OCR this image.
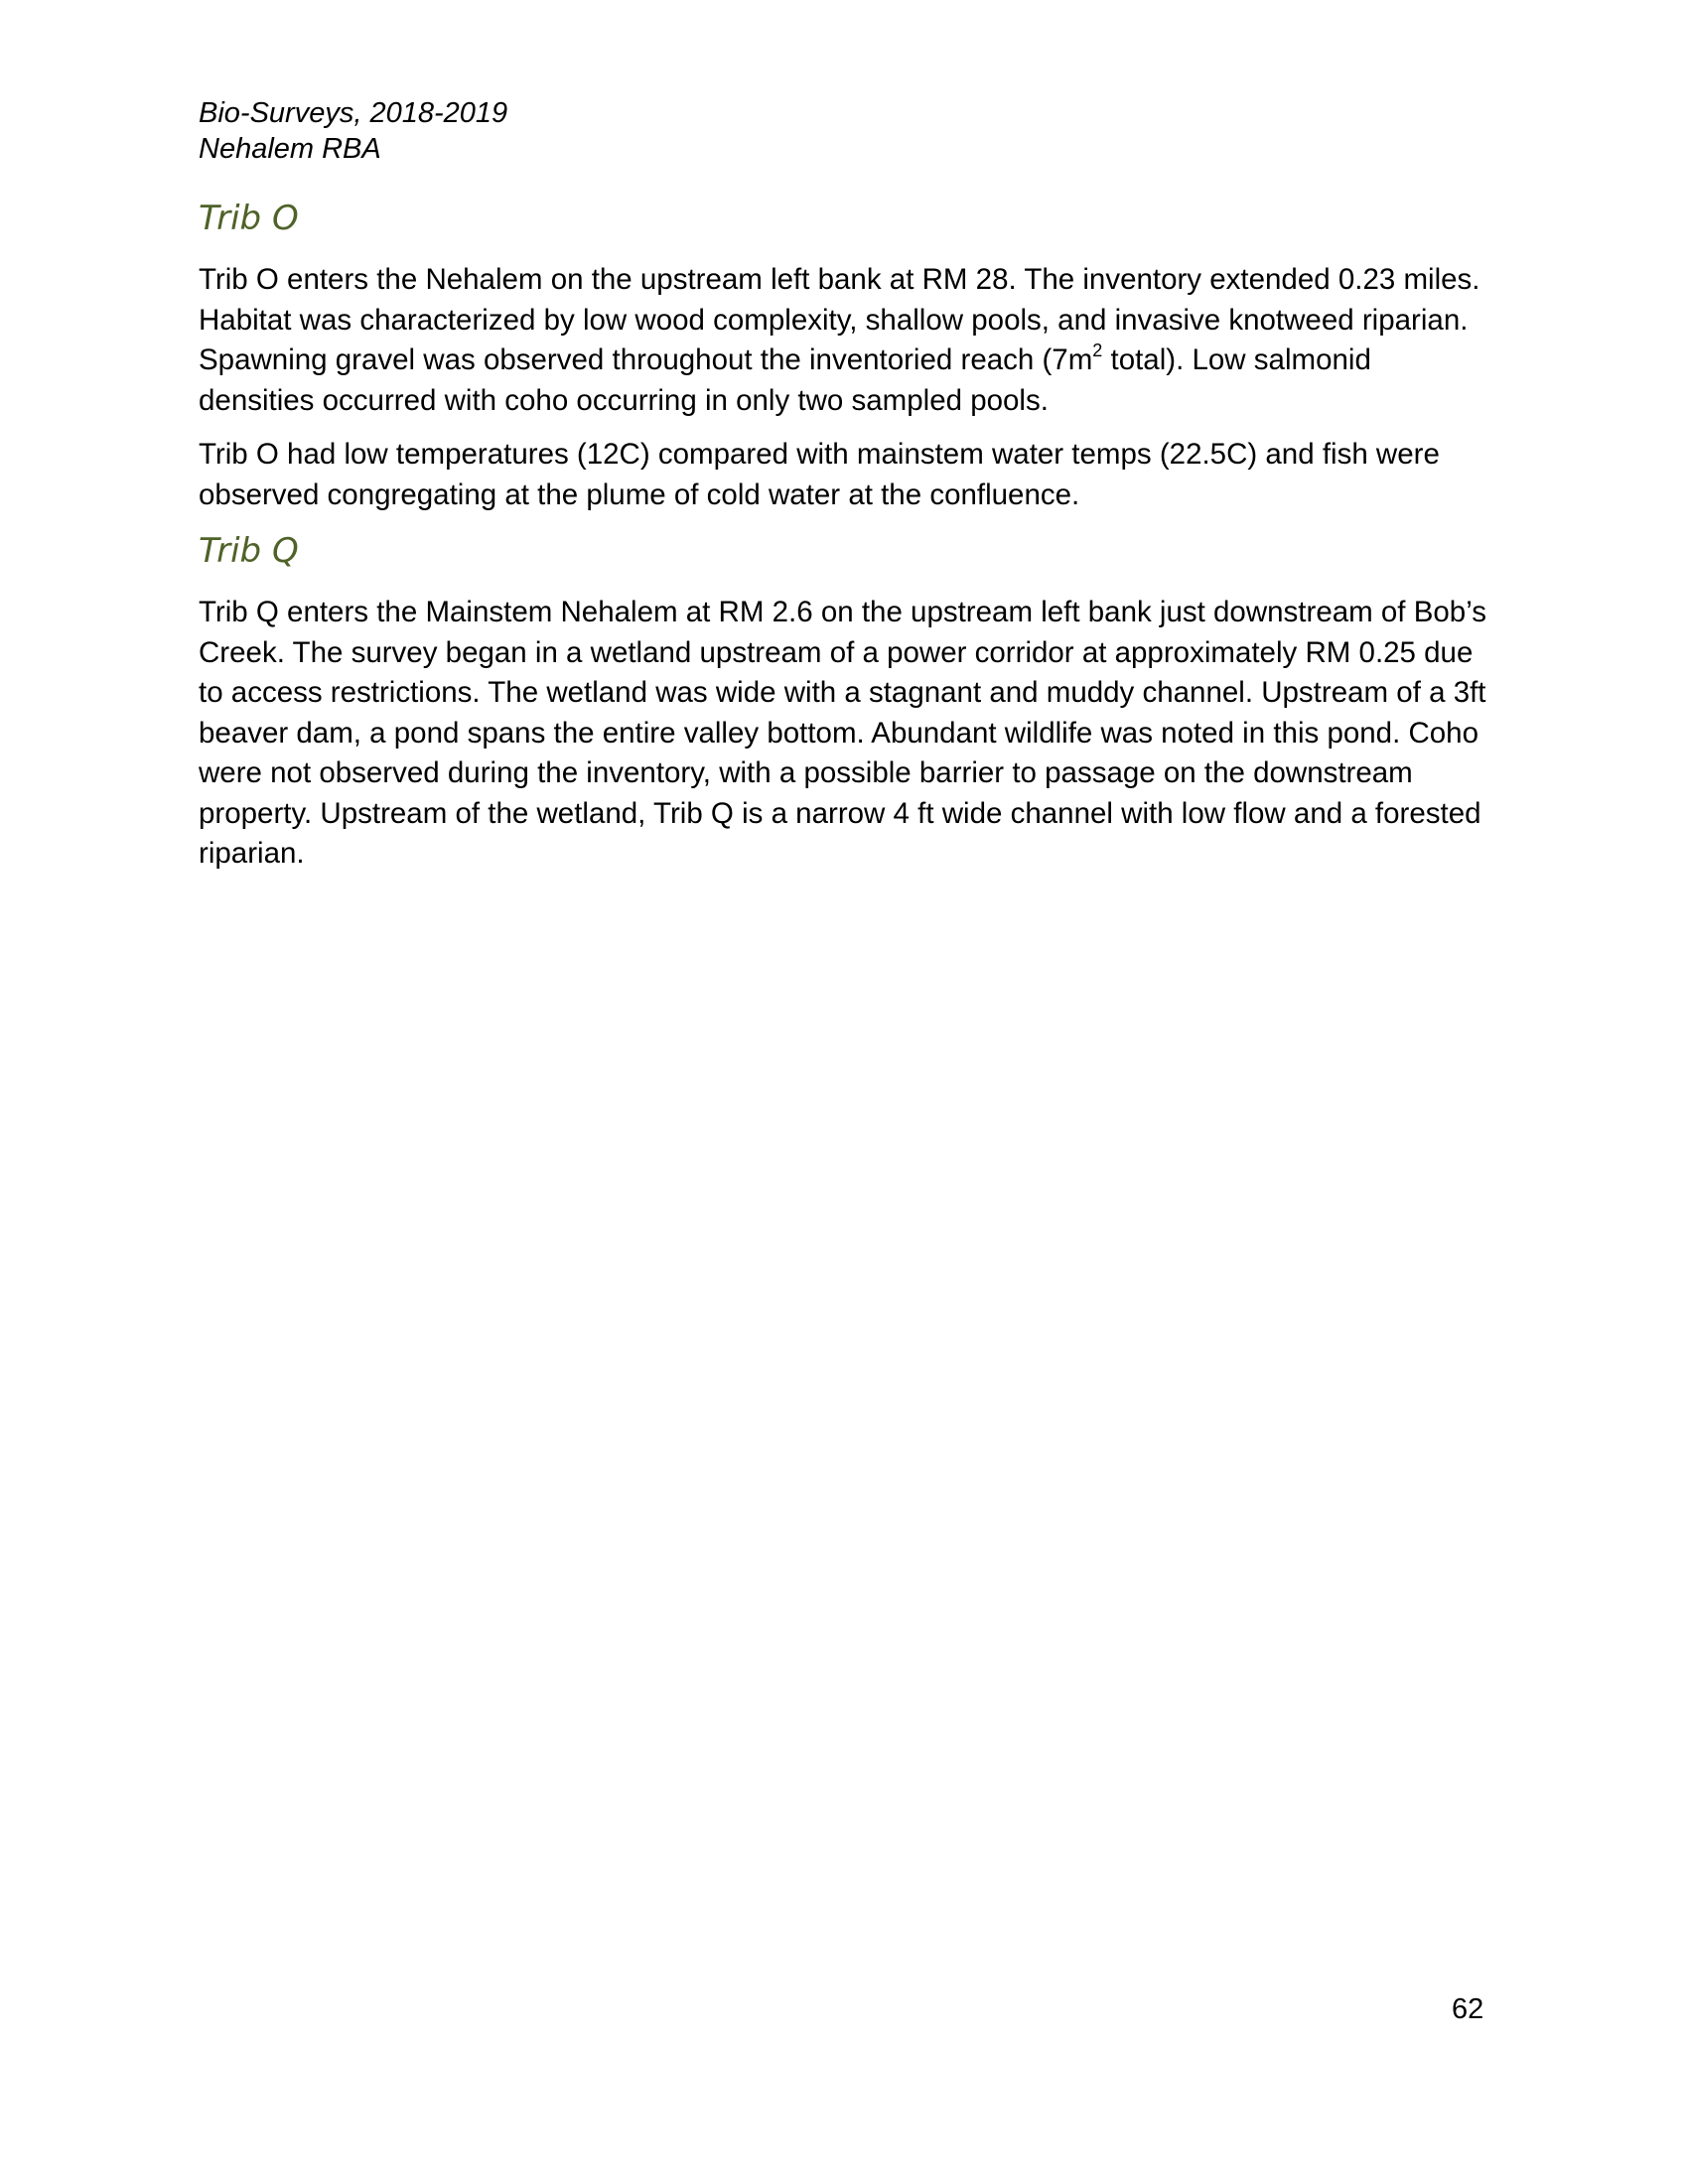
Bio-Surveys, 2018-2019
Nehalem RBA
Trib O

Trib O enters the Nehalem on the upstream left bank at RM 28. The inventory extended 0.23 miles. Habitat was characterized by low wood complexity, shallow pools, and invasive knotweed riparian. Spawning gravel was observed throughout the inventoried reach ($7m^2$ total). Low salmonid densities occurred with coho occurring in only two sampled pools.

Trib O had low temperatures (12C) compared with mainstem water temps (22.5C) and fish were observed congregating at the plume of cold water at the confluence.

Trib Q

Trib Q enters the Mainstem Nehalem at RM 2.6 on the upstream left bank just downstream of Bob’s Creek. The survey began in a wetland upstream of a power corridor at approximately RM 0.25 due to access restrictions. The wetland was wide with a stagnant and muddy channel. Upstream of a 3ft beaver dam, a pond spans the entire valley bottom. Abundant wildlife was noted in this pond. Coho were not observed during the inventory, with a possible barrier to passage on the downstream property. Upstream of the wetland, Trib Q is a narrow 4 ft wide channel with low flow and a forested riparian.

62
